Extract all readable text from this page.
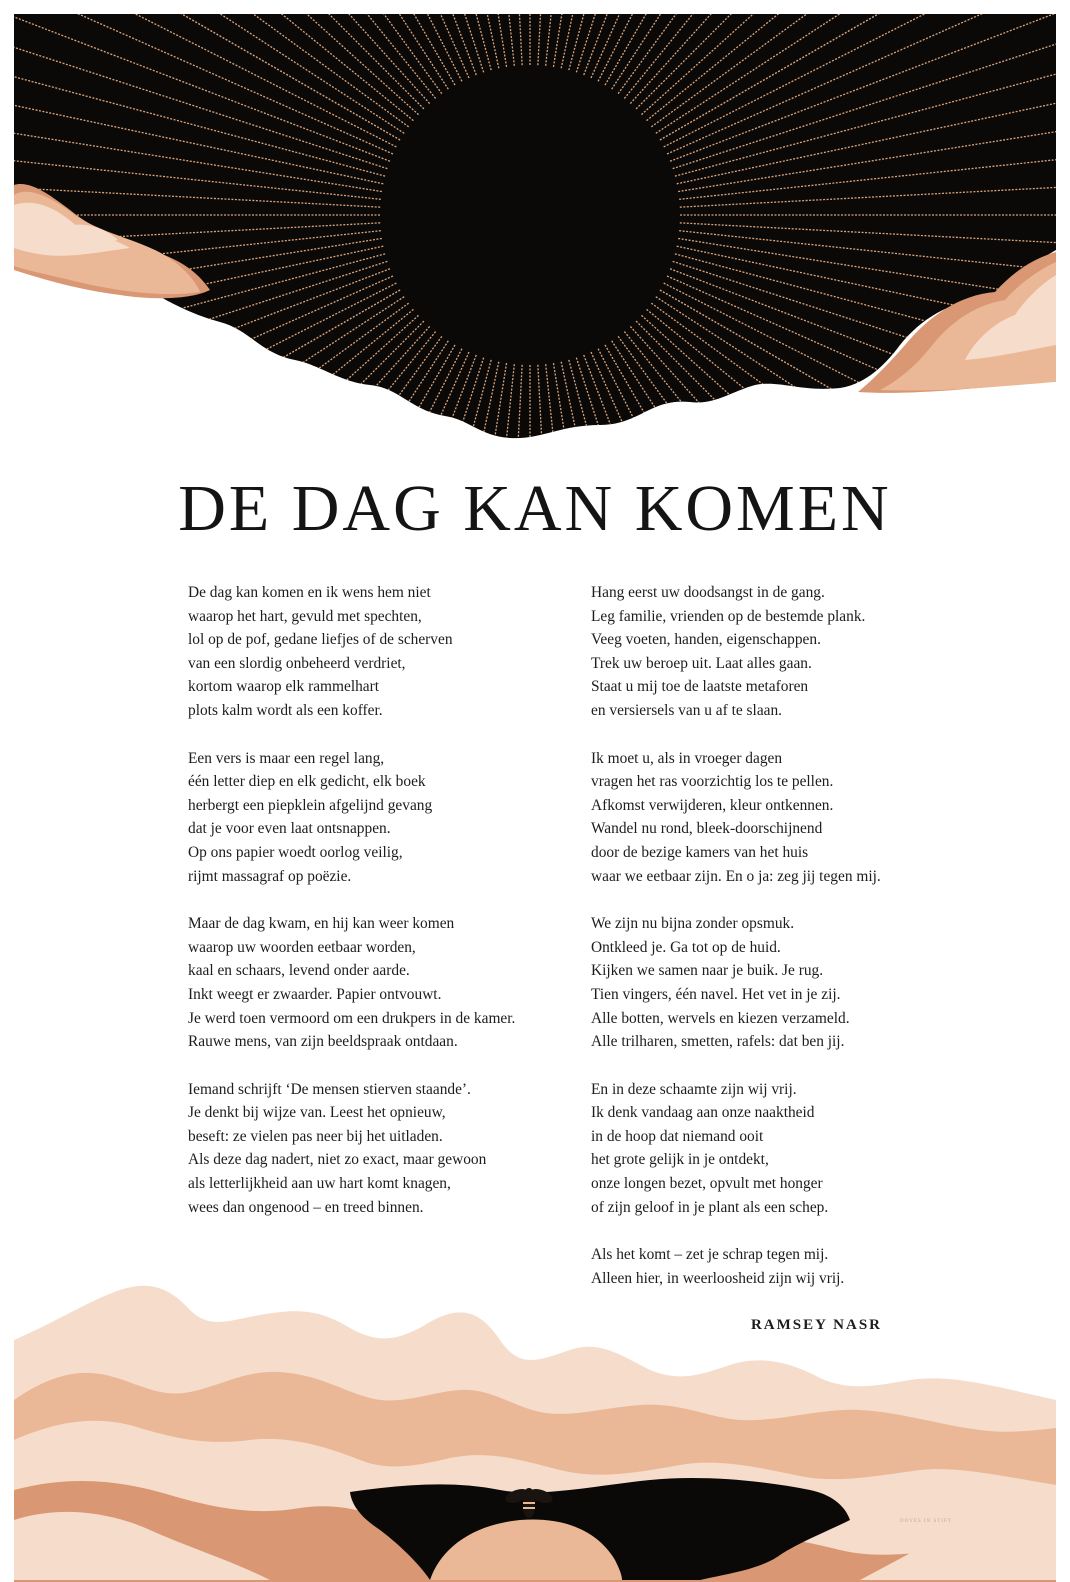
DE DAG KAN KOMEN
De dag kan komen en ik wens hem niet
waarop het hart, gevuld met spechten,
lol op de pof, gedane liefjes of de scherven
van een slordig onbeheerd verdriet,
kortom waarop elk rammelhart
plots kalm wordt als een koffer.
Een vers is maar een regel lang,
één letter diep en elk gedicht, elk boek
herbergt een piepklein afgelijnd gevang
dat je voor even laat ontsnappen.
Op ons papier woedt oorlog veilig,
rijmt massagraf op poëzie.
Maar de dag kwam, en hij kan weer komen
waarop uw woorden eetbaar worden,
kaal en schaars, levend onder aarde.
Inkt weegt er zwaarder. Papier ontvouwt.
Je werd toen vermoord om een drukpers in de kamer.
Rauwe mens, van zijn beeldspraak ontdaan.
Iemand schrijft ‘De mensen stierven staande’.
Je denkt bij wijze van. Leest het opnieuw,
beseft: ze vielen pas neer bij het uitladen.
Als deze dag nadert, niet zo exact, maar gewoon
als letterlijkheid aan uw hart komt knagen,
wees dan ongenood – en treed binnen.
Hang eerst uw doodsangst in de gang.
Leg familie, vrienden op de bestemde plank.
Veeg voeten, handen, eigenschappen.
Trek uw beroep uit. Laat alles gaan.
Staat u mij toe de laatste metaforen
en versiersels van u af te slaan.
Ik moet u, als in vroeger dagen
vragen het ras voorzichtig los te pellen.
Afkomst verwijderen, kleur ontkennen.
Wandel nu rond, bleek-doorschijnend
door de bezige kamers van het huis
waar we eetbaar zijn. En o ja: zeg jij tegen mij.
We zijn nu bijna zonder opsmuk.
Ontkleed je. Ga tot op de huid.
Kijken we samen naar je buik. Je rug.
Tien vingers, één navel. Het vet in je zij.
Alle botten, wervels en kiezen verzameld.
Alle trilharen, smetten, rafels: dat ben jij.
En in deze schaamte zijn wij vrij.
Ik denk vandaag aan onze naaktheid
in de hoop dat niemand ooit
het grote gelijk in je ontdekt,
onze longen bezet, opvult met honger
of zijn geloof in je plant als een schep.
Als het komt – zet je schrap tegen mij.
Alleen hier, in weerloosheid zijn wij vrij.
RAMSEY NASR
DOVES IN STIFT
